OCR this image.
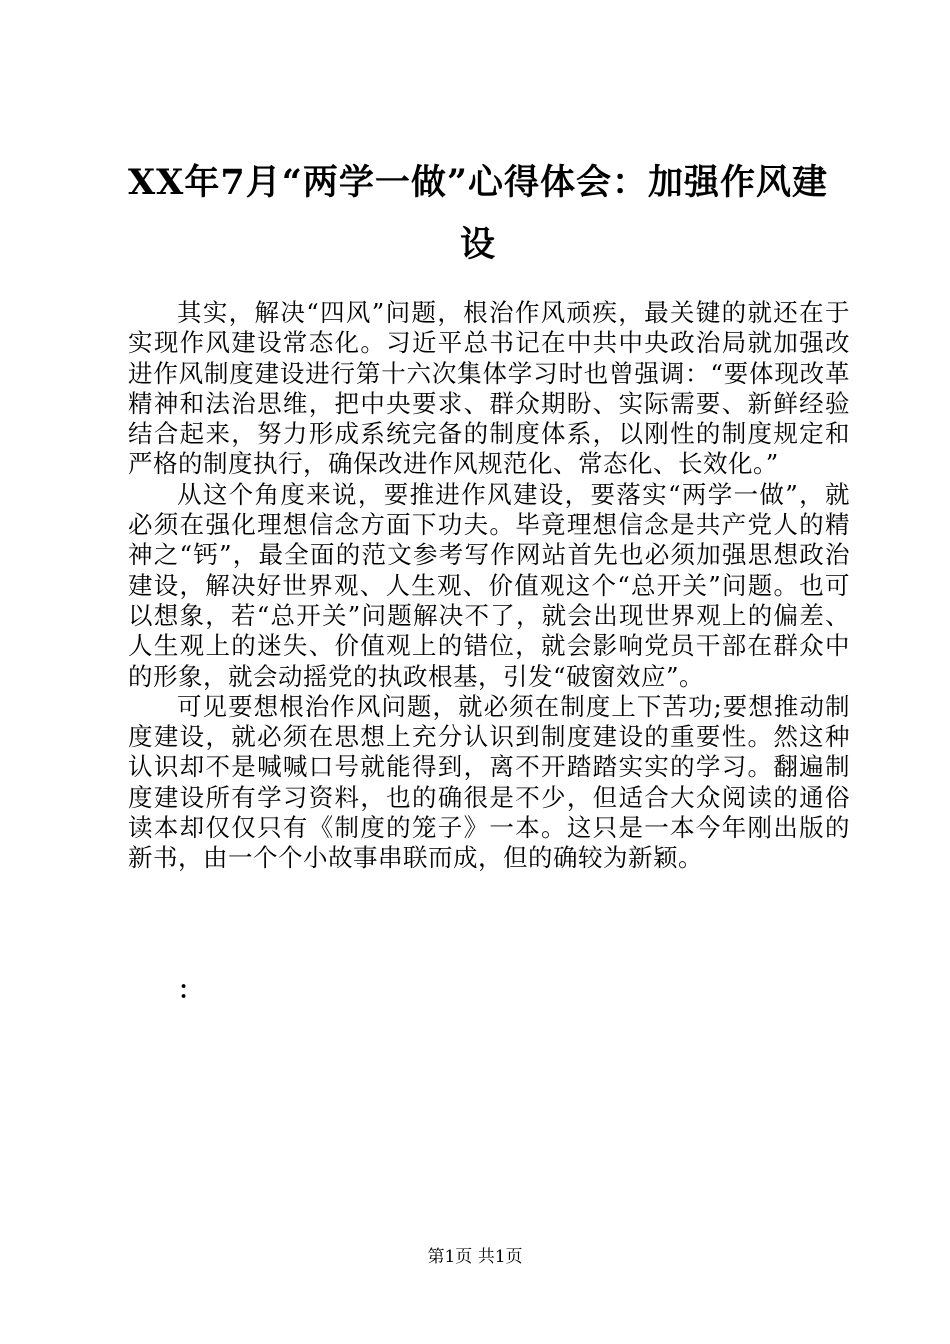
XX年7月“两学一做”心得体会：加强作风建设

其实，解决“四风”问题，根治作风顽疾，最关键的就还在于实现作风建设常态化。习近平总书记在中共中央政治局就加强改进作风制度建设进行第十六次集体学习时也曾强调：“要体现改革精神和法治思维，把中央要求、群众期盼、实际需要、新鲜经验结合起来，努力形成系统完备的制度体系，以刚性的制度规定和严格的制度执行，确保改进作风规范化、常态化、长效化。”

从这个角度来说，要推进作风建设，要落实“两学一做”，就必须在强化理想信念方面下功夫。毕竟理想信念是共产党人的精神之“钙”，最全面的范文参考写作网站首先也必须加强思想政治建设，解决好世界观、人生观、价值观这个“总开关”问题。也可以想象，若“总开关”问题解决不了，就会出现世界观上的偏差、人生观上的迷失、价值观上的错位，就会影响党员干部在群众中的形象，就会动摇党的执政根基，引发“破窗效应”。

可见要想根治作风问题，就必须在制度上下苦功;要想推动制度建设，就必须在思想上充分认识到制度建设的重要性。然这种认识却不是喊喊口号就能得到，离不开踏踏实实的学习。翻遍制度建设所有学习资料，也的确很是不少，但适合大众阅读的通俗读本却仅仅只有《制度的笼子》一本。这只是一本今年刚出版的新书，由一个个小故事串联而成，但的确较为新颖。

：

第1页 共1页
